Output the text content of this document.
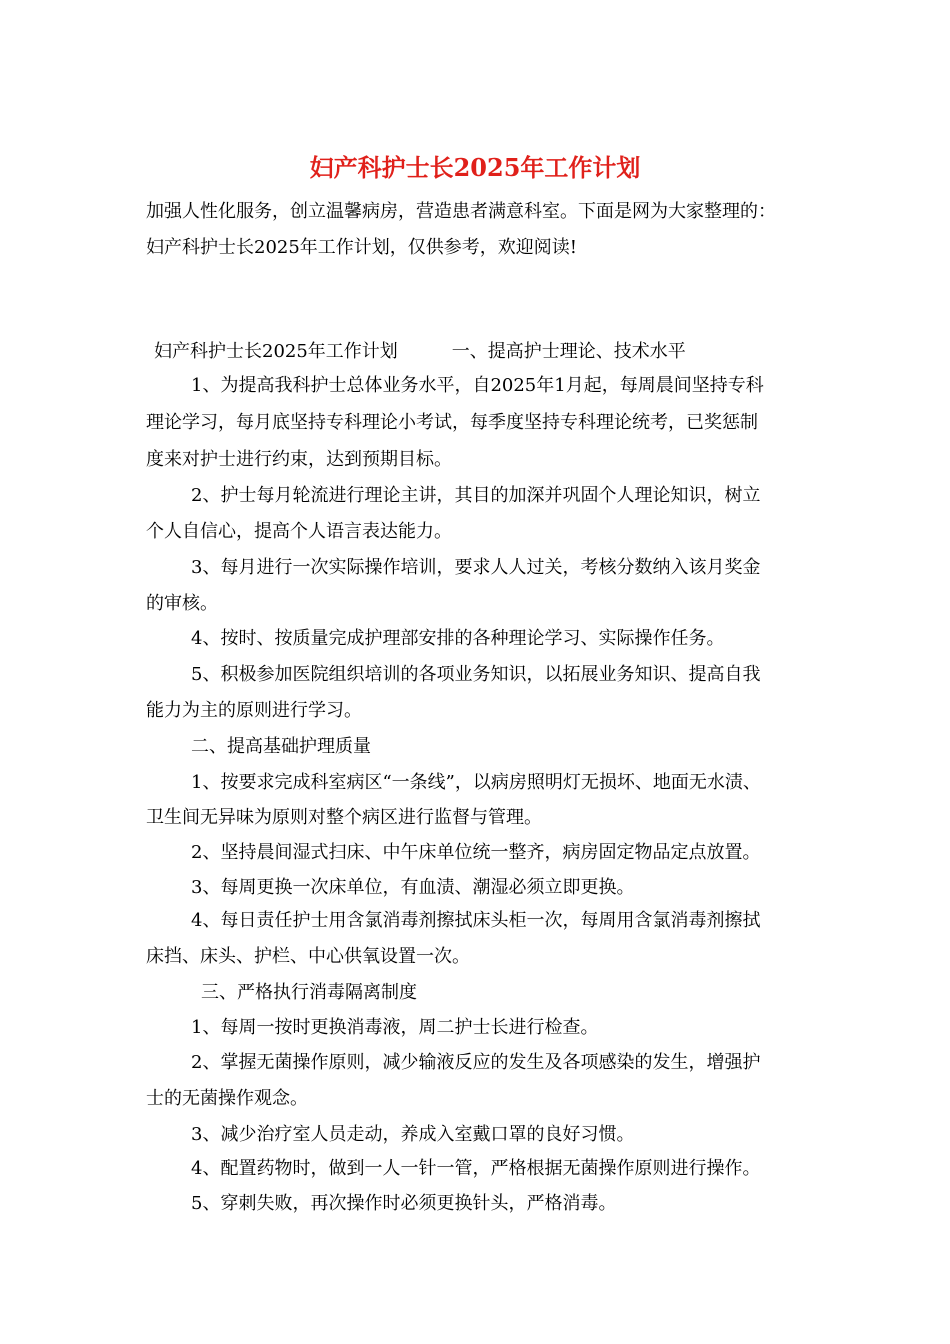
妇产科护士长2025年工作计划
加强人性化服务，创立温馨病房，营造患者满意科室。下面是网为大家整理的：
妇产科护士长2025年工作计划，仅供参考，欢迎阅读!
妇产科护士长2025年工作计划　　　一、提高护士理论、技术水平
1、为提高我科护士总体业务水平，自2025年1月起，每周晨间坚持专科
理论学习，每月底坚持专科理论小考试，每季度坚持专科理论统考，已奖惩制
度来对护士进行约束，达到预期目标。
2、护士每月轮流进行理论主讲，其目的加深并巩固个人理论知识，树立
个人自信心，提高个人语言表达能力。
3、每月进行一次实际操作培训，要求人人过关，考核分数纳入该月奖金
的审核。
4、按时、按质量完成护理部安排的各种理论学习、实际操作任务。
5、积极参加医院组织培训的各项业务知识，以拓展业务知识、提高自我
能力为主的原则进行学习。
二、提高基础护理质量
1、按要求完成科室病区“一条线”，以病房照明灯无损坏、地面无水渍、
卫生间无异味为原则对整个病区进行监督与管理。
2、坚持晨间湿式扫床、中午床单位统一整齐，病房固定物品定点放置。
3、每周更换一次床单位，有血渍、潮湿必须立即更换。
4、每日责任护士用含氯消毒剂擦拭床头柜一次，每周用含氯消毒剂擦拭
床挡、床头、护栏、中心供氧设置一次。
三、严格执行消毒隔离制度
1、每周一按时更换消毒液，周二护士长进行检查。
2、掌握无菌操作原则，减少输液反应的发生及各项感染的发生，增强护
士的无菌操作观念。
3、减少治疗室人员走动，养成入室戴口罩的良好习惯。
4、配置药物时，做到一人一针一管，严格根据无菌操作原则进行操作。
5、穿刺失败，再次操作时必须更换针头，严格消毒。
